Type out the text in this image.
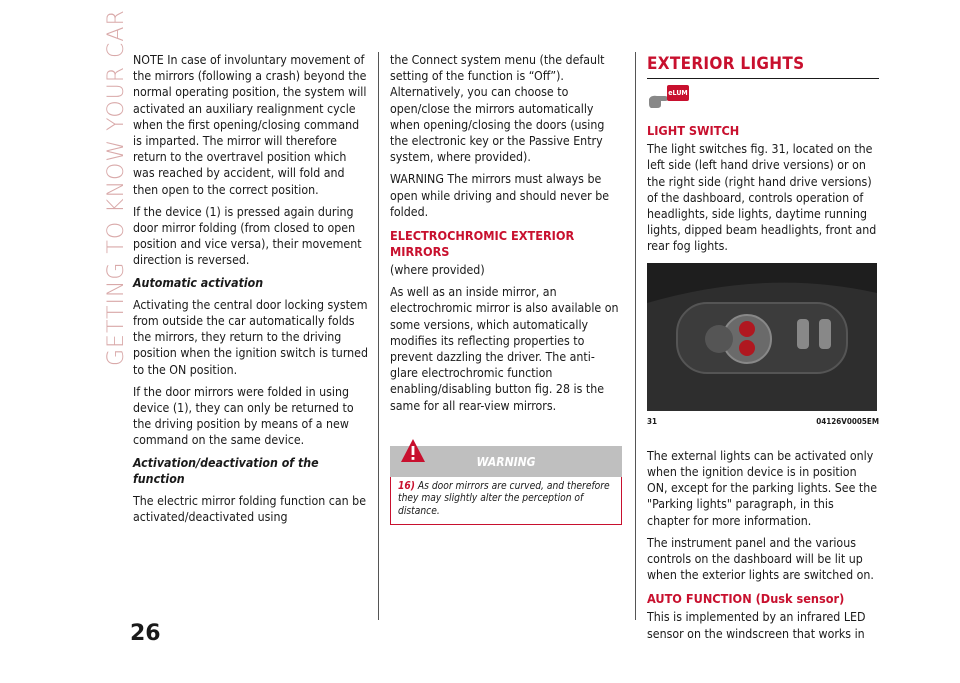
GETTING TO KNOW YOUR CAR
26

NOTE In case of involuntary movement of the mirrors (following a crash) beyond the normal operating position, the system will activated an auxiliary realignment cycle when the first opening/closing command is imparted. The mirror will therefore return to the overtravel position which was reached by accident, will fold and then open to the correct position.

If the device (1) is pressed again during door mirror folding (from closed to open position and vice versa), their movement direction is reversed.

Automatic activation

Activating the central door locking system from outside the car automatically folds the mirrors, they return to the driving position when the ignition switch is turned to the ON position.

If the door mirrors were folded in using device (1), they can only be returned to the driving position by means of a new command on the same device.

Activation/deactivation of the function

The electric mirror folding function can be activated/deactivated using

the Connect system menu (the default setting of the function is “Off”). Alternatively, you can choose to open/close the mirrors automatically when opening/closing the doors (using the electronic key or the Passive Entry system, where provided).

WARNING The mirrors must always be open while driving and should never be folded.

ELECTROCHROMIC EXTERIOR MIRRORS

(where provided)

As well as an inside mirror, an electrochromic mirror is also available on some versions, which automatically modifies its reflecting properties to prevent dazzling the driver. The anti-glare electrochromic function enabling/disabling button fig. 28 is the same for all rear-view mirrors.

WARNING
16) As door mirrors are curved, and therefore they may slightly alter the perception of distance.
EXTERIOR LIGHTS
eLUM
LIGHT SWITCH

The light switches fig. 31, located on the left side (left hand drive versions) or on the right side (right hand drive versions) of the dashboard, controls operation of headlights, side lights, daytime running lights, dipped beam headlights, front and rear fog lights.

31	04126V0005EM

The external lights can be activated only when the ignition device is in position ON, except for the parking lights. See the "Parking lights" paragraph, in this chapter for more information.

The instrument panel and the various controls on the dashboard will be lit up when the exterior lights are switched on.

AUTO FUNCTION (Dusk sensor)

This is implemented by an infrared LED sensor on the windscreen that works in
